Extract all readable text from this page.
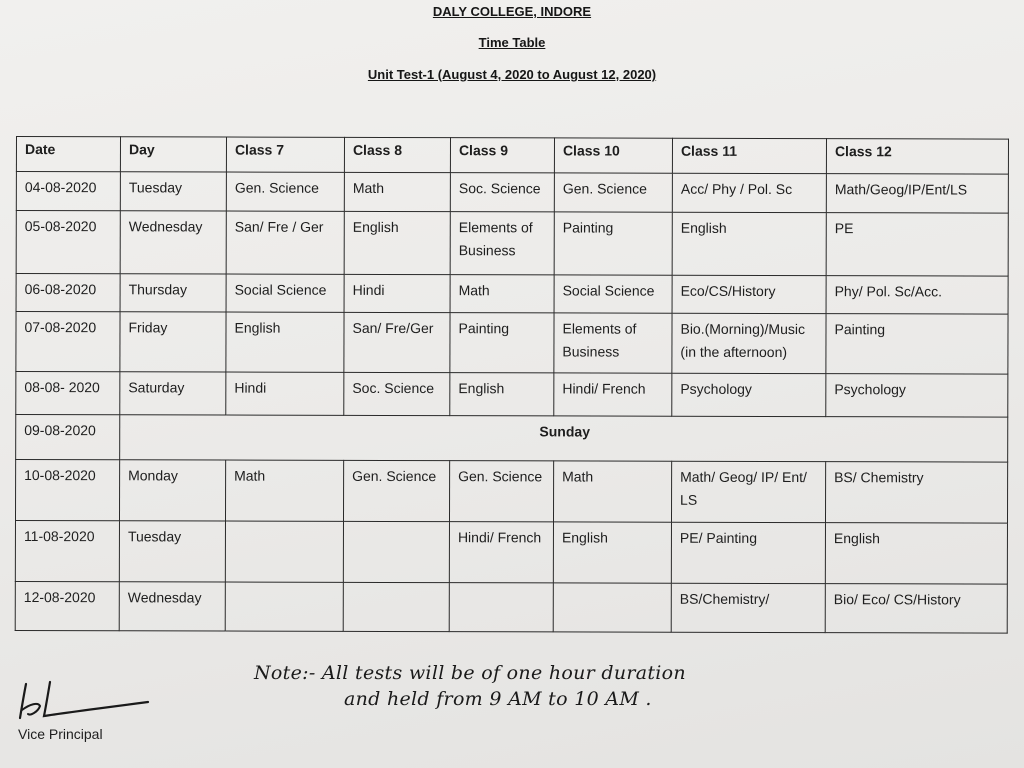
DALY COLLEGE, INDORE
Time Table
Unit Test-1 (August 4, 2020 to August 12, 2020)
Date	Day	Class 7	Class 8	Class 9	Class 10	Class 11	Class 12
04-08-2020	Tuesday	Gen. Science	Math	Soc. Science	Gen. Science	Acc/ Phy / Pol. Sc	Math/Geog/IP/Ent/LS
05-08-2020	Wednesday	San/ Fre / Ger	English	Elements of Business	Painting	English	PE
06-08-2020	Thursday	Social Science	Hindi	Math	Social Science	Eco/CS/History	Phy/ Pol. Sc/Acc.
07-08-2020	Friday	English	San/ Fre/Ger	Painting	Elements of Business	Bio.(Morning)/Music (in the afternoon)	Painting
08-08- 2020	Saturday	Hindi	Soc. Science	English	Hindi/ French	Psychology	Psychology
09-08-2020	Sunday						
10-08-2020	Monday	Math	Gen. Science	Gen. Science	Math	Math/ Geog/ IP/ Ent/ LS	BS/ Chemistry
11-08-2020	Tuesday			Hindi/ French	English	PE/ Painting	English
12-08-2020	Wednesday					BS/Chemistry/	Bio/ Eco/ CS/History
Note:- All tests will be of one hour duration
and held from 9 AM to 10 AM .
Vice Principal
